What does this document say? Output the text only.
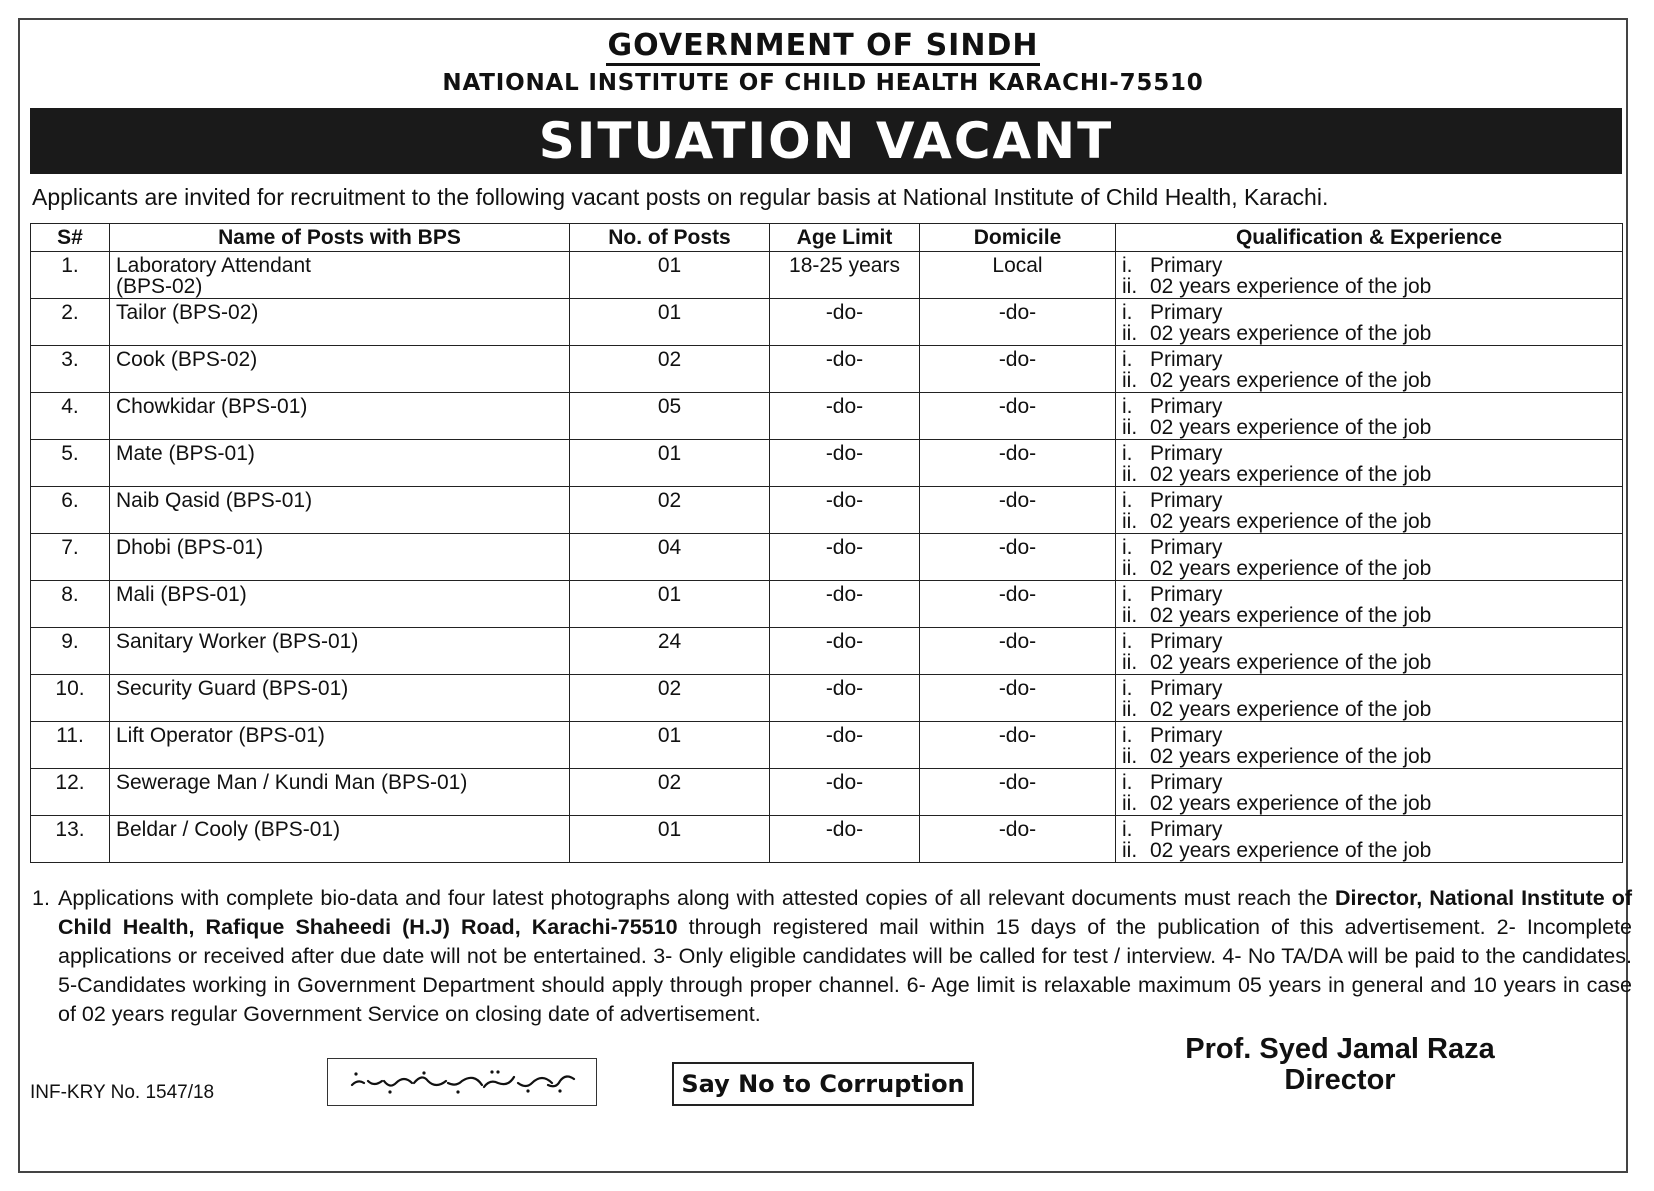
GOVERNMENT OF SINDH
NATIONAL INSTITUTE OF CHILD HEALTH KARACHI-75510
SITUATION VACANT
Applicants are invited for recruitment to the following vacant posts on regular basis at National Institute of Child Health, Karachi.
S#	Name of Posts with BPS	No. of Posts	Age Limit	Domicile	Qualification & Experience
1.	Laboratory Attendant
(BPS-02)	01	18-25 years	Local	i. Primary
ii. 02 years experience of the job

2.	Tailor (BPS-02)	01	-do-	-do-	i. Primary
ii. 02 years experience of the job

3.	Cook (BPS-02)	02	-do-	-do-	i. Primary
ii. 02 years experience of the job

4.	Chowkidar (BPS-01)	05	-do-	-do-	i. Primary
ii. 02 years experience of the job

5.	Mate (BPS-01)	01	-do-	-do-	i. Primary
ii. 02 years experience of the job

6.	Naib Qasid (BPS-01)	02	-do-	-do-	i. Primary
ii. 02 years experience of the job

7.	Dhobi (BPS-01)	04	-do-	-do-	i. Primary
ii. 02 years experience of the job

8.	Mali (BPS-01)	01	-do-	-do-	i. Primary
ii. 02 years experience of the job

9.	Sanitary Worker (BPS-01)	24	-do-	-do-	i. Primary
ii. 02 years experience of the job

10.	Security Guard (BPS-01)	02	-do-	-do-	i. Primary
ii. 02 years experience of the job

11.	Lift Operator (BPS-01)	01	-do-	-do-	i. Primary
ii. 02 years experience of the job

12.	Sewerage Man / Kundi Man (BPS-01)	02	-do-	-do-	i. Primary
ii. 02 years experience of the job

13.	Beldar / Cooly (BPS-01)	01	-do-	-do-	i. Primary
ii. 02 years experience of the job
1. Applications with complete bio-data and four latest photographs along with attested copies of all relevant documents must reach the Director, National Institute of Child Health, Rafique Shaheedi (H.J) Road, Karachi-75510 through registered mail within 15 days of the publication of this advertisement. 2- Incomplete applications or received after due date will not be entertained. 3- Only eligible candidates will be called for test / interview. 4- No TA/DA will be paid to the candidates. 5-Candidates working in Government Department should apply through proper channel. 6- Age limit is relaxable maximum 05 years in general and 10 years in case of 02 years regular Government Service on closing date of advertisement.
INF-KRY No. 1547/18	Say No to Corruption
Prof. Syed Jamal Raza
Director
